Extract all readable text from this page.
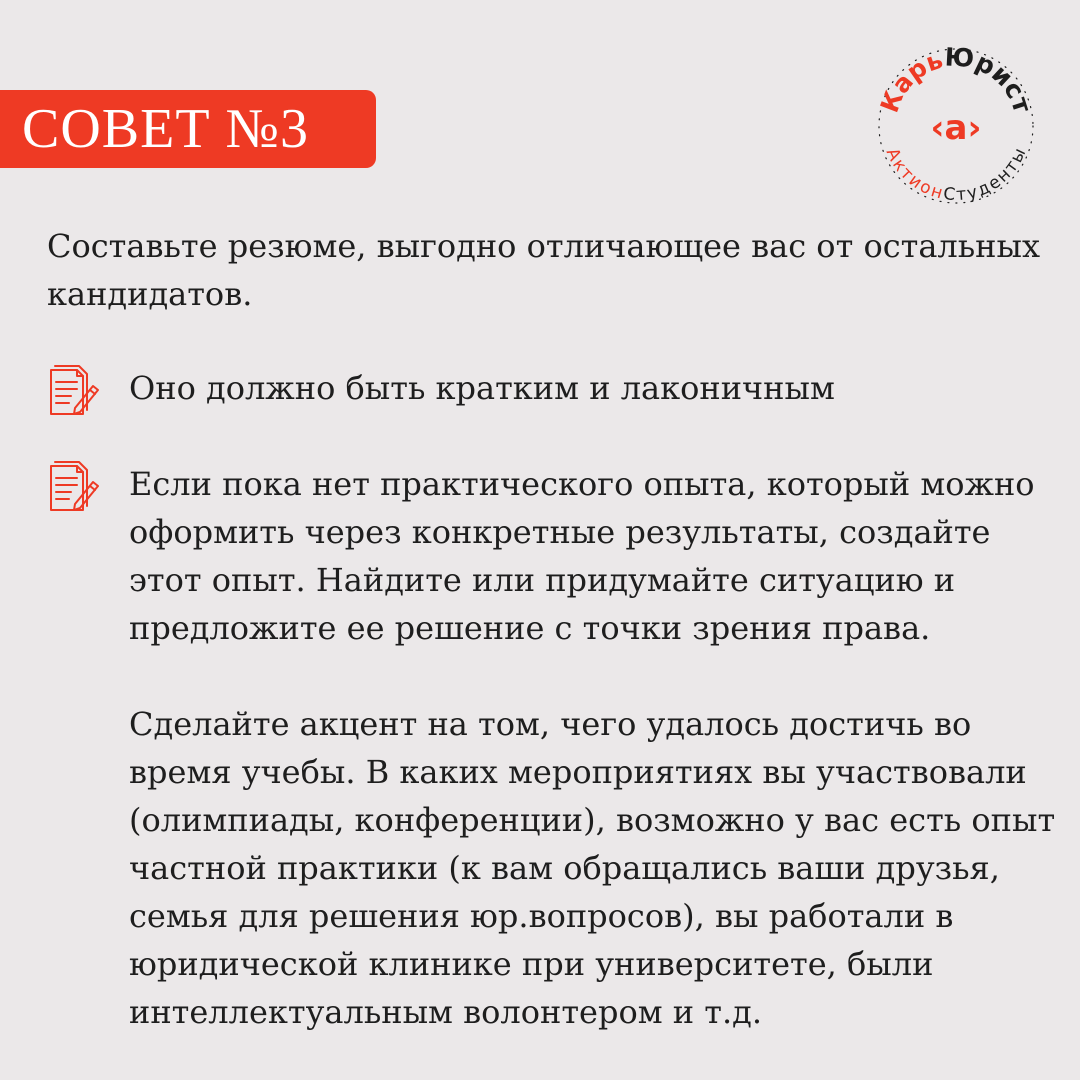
СОВЕТ №3	КарьЮрист
АктионСтуденты
‹a›

Составьте резюме, выгодно отличающее вас от остальных кандидатов.

Оно должно быть кратким и лаконичным

Если пока нет практического опыта, который можно оформить через конкретные результаты, создайте этот опыт. Найдите или придумайте ситуацию и предложите ее решение с точки зрения права.

Сделайте акцент на том, чего удалось достичь во время учебы. В каких мероприятиях вы участвовали (олимпиады, конференции), возможно у вас есть опыт частной практики (к вам обращались ваши друзья, семья для решения юр.вопросов), вы работали в юридической клинике при университете, были интеллектуальным волонтером и т.д.
